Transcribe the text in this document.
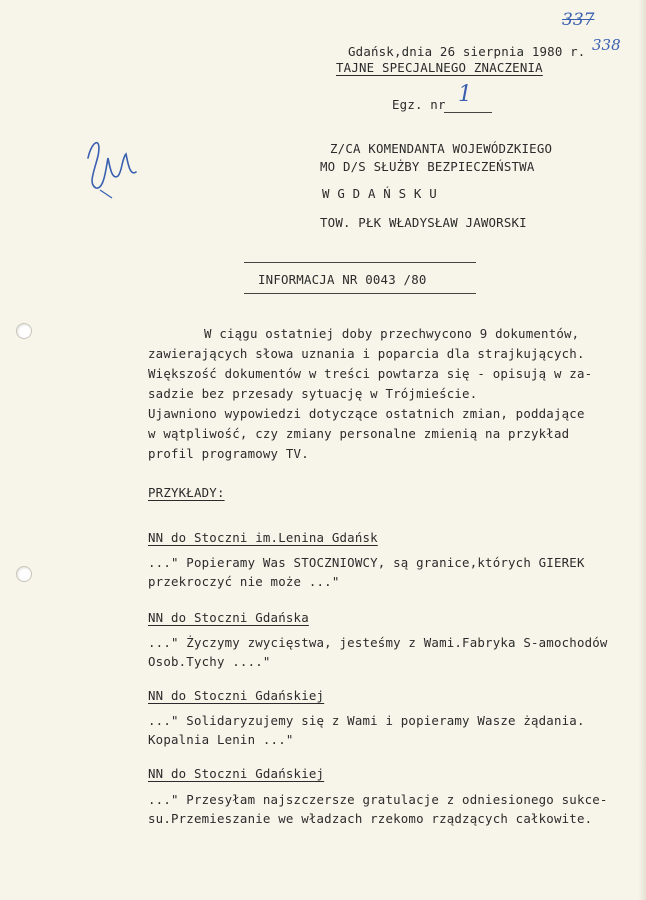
337
338
Gdańsk,dnia 26 sierpnia 1980 r.
TAJNE SPECJALNEGO ZNACZENIA
Egz. nr 1
Z/CA KOMENDANTA WOJEWÓDZKIEGO
MO D/S SŁUŻBY BEZPIECZEŃSTWA
W G D A Ń S K U
TOW. PŁK WŁADYSŁAW JAWORSKI
INFORMACJA NR 0043 /80
W ciągu ostatniej doby przechwycono 9 dokumentów,
zawierających słowa uznania i poparcia dla strajkujących.
Większość dokumentów w treści powtarza się - opisują w za-
sadzie bez przesady sytuację w Trójmieście.
Ujawniono wypowiedzi dotyczące ostatnich zmian, poddające
w wątpliwość, czy zmiany personalne zmienią na przykład
profil programowy TV.
PRZYKŁADY:
NN do Stoczni im.Lenina Gdańsk
..." Popieramy Was STOCZNIOWCY, są granice,których GIEREK
przekroczyć nie może ..."
NN do Stoczni Gdańska
..." Życzymy zwycięstwa, jesteśmy z Wami.Fabryka S-amochodów
Osob.Tychy ...."
NN do Stoczni Gdańskiej
..." Solidaryzujemy się z Wami i popieramy Wasze żądania.
Kopalnia Lenin ..."
NN do Stoczni Gdańskiej
..." Przesyłam najszczersze gratulacje z odniesionego sukce-
su.Przemieszanie we władzach rzekomo rządzących całkowite.
